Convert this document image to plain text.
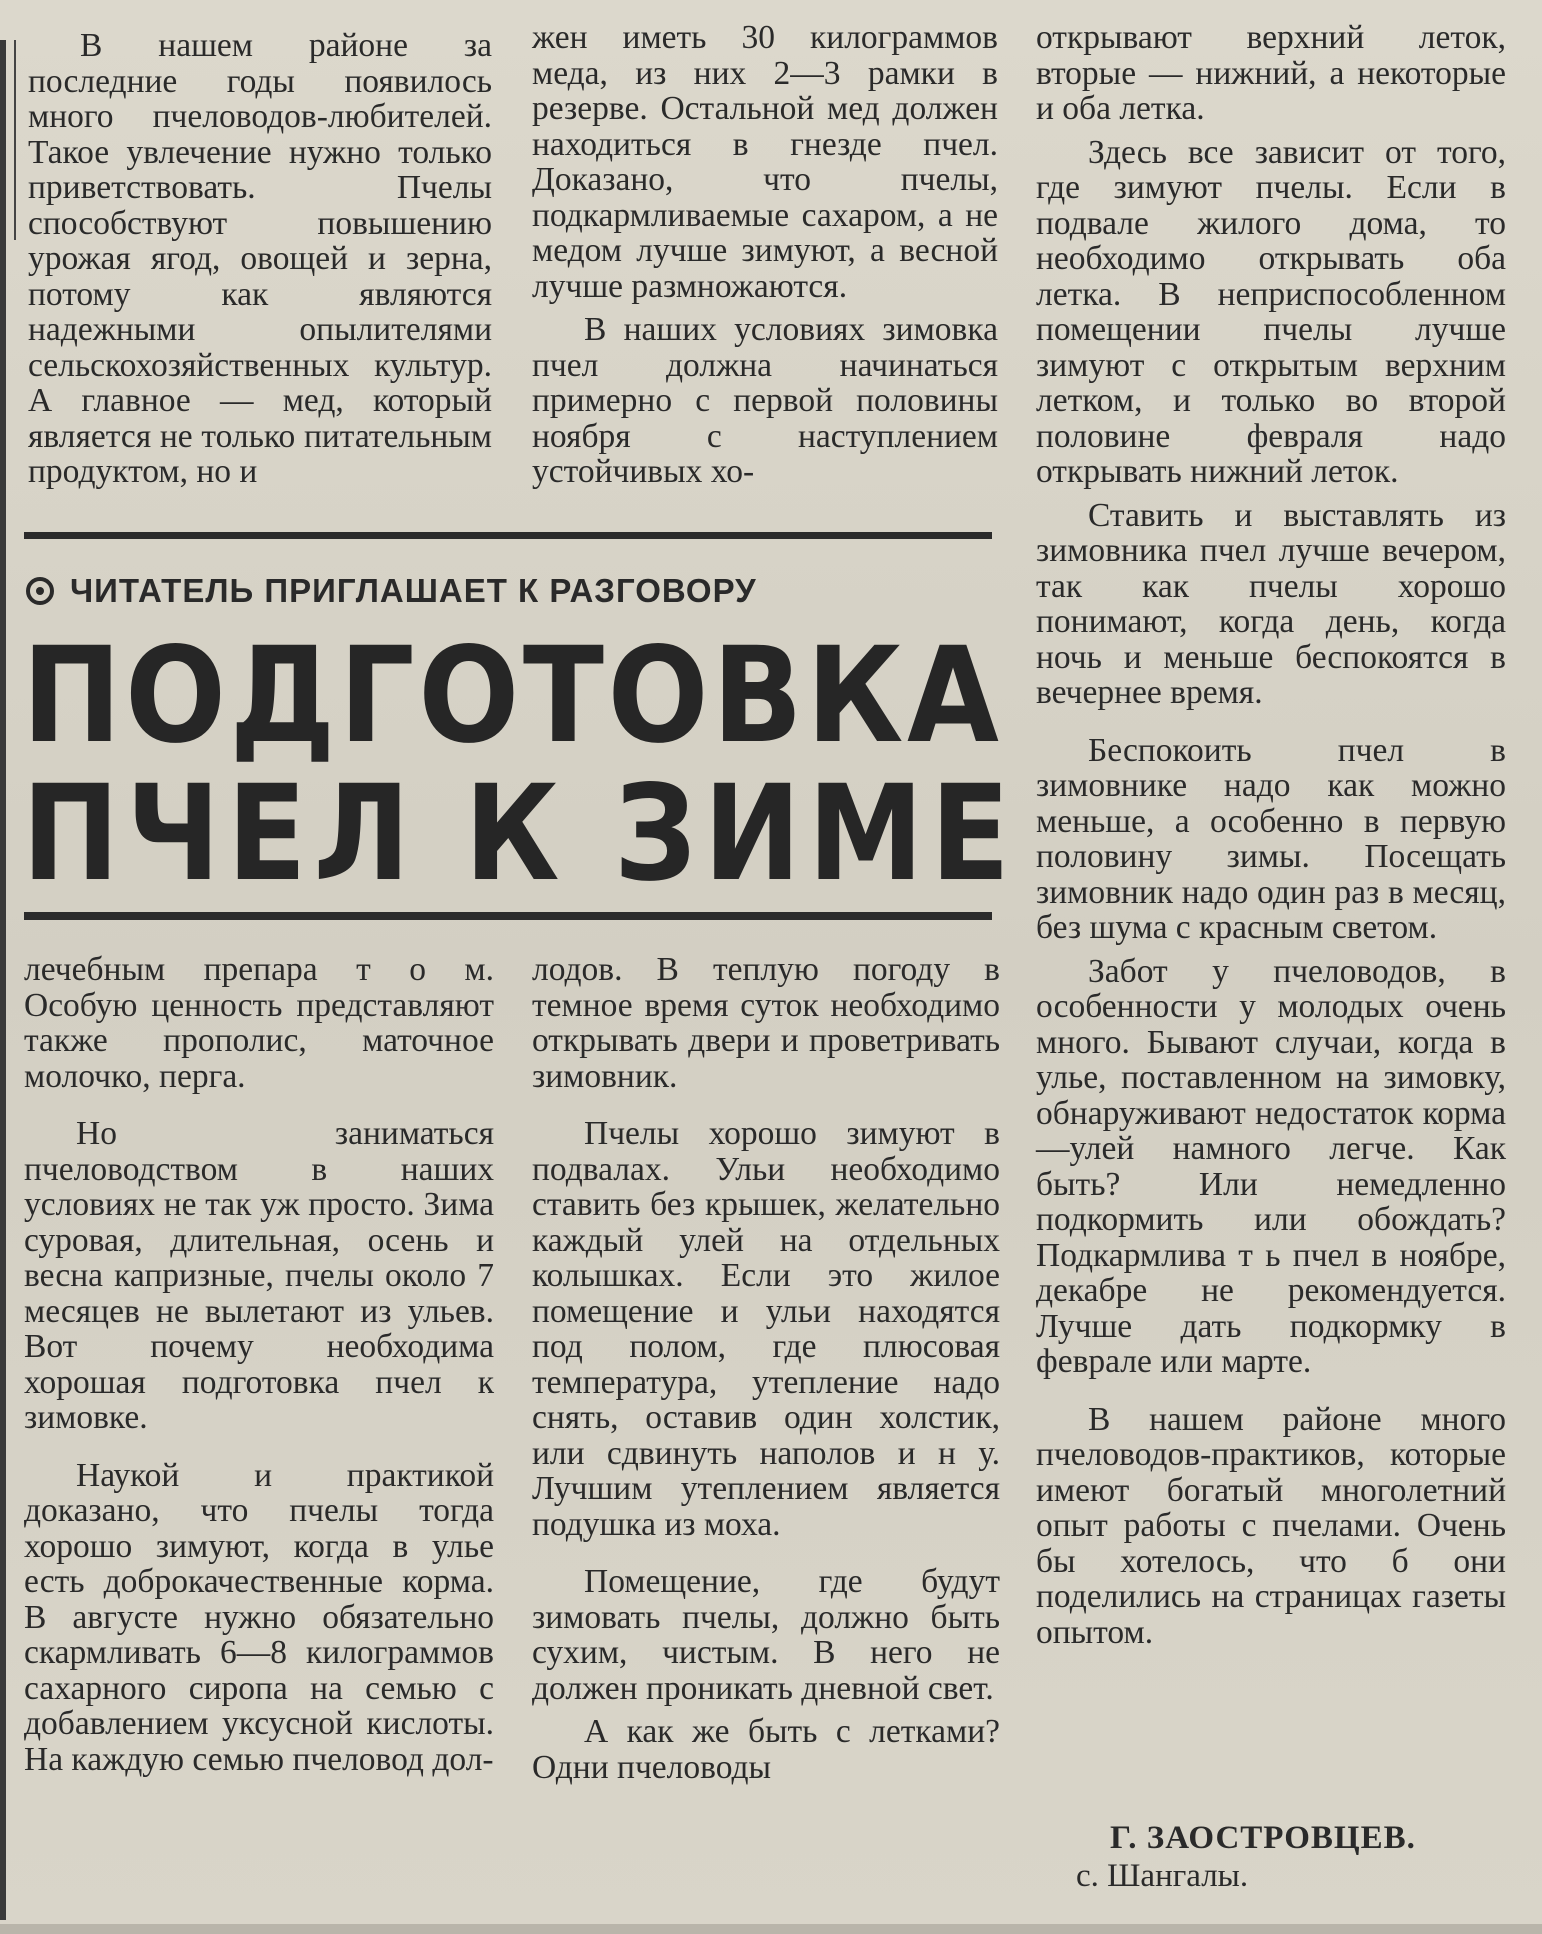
В нашем районе за последние годы появилось много пчеловодов-любителей. Такое увлечение нужно только приветствовать. Пчелы способствуют повышению урожая ягод, овощей и зерна, потому как являются надежными опылителями сельскохозяйственных культур. А главное — мед, который является не только питательным продуктом, но и

жен иметь 30 килограммов меда, из них 2—3 рамки в резерве. Остальной мед должен находиться в гнезде пчел. Доказано, что пчелы, подкармливаемые сахаром, а не медом лучше зимуют, а весной лучше размножаются.

В наших условиях зимовка пчел должна начинаться примерно с первой половины ноября с наступлением устойчивых хо-

открывают верхний леток, вторые — нижний, а некоторые и оба летка.

Здесь все зависит от того, где зимуют пчелы. Если в подвале жилого дома, то необходимо открывать оба летка. В неприспособленном помещении пчелы лучше зимуют с открытым верхним летком, и только во второй половине февраля надо открывать нижний леток.

Ставить и выставлять из зимовника пчел лучше вечером, так как пчелы хорошо понимают, когда день, когда ночь и меньше беспокоятся в вечернее время.

Беспокоить пчел в зимовнике надо как можно меньше, а особенно в первую половину зимы. Посещать зимовник надо один раз в месяц, без шума с красным светом.

Забот у пчеловодов, в особенности у молодых очень много. Бывают случаи, когда в улье, поставленном на зимовку, обнаруживают недостаток корма —улей намного легче. Как быть? Или немедленно подкормить или обождать? Подкармлива т ь пчел в ноябре, декабре не рекомендуется. Лучше дать подкормку в феврале или марте.

В нашем районе много пчеловодов-практиков, которые имеют богатый многолетний опыт работы с пчелами. Очень бы хотелось, что б они поделились на страницах газеты опытом.

ЧИТАТЕЛЬ ПРИГЛАШАЕТ К РАЗГОВОРУ
ПОДГОТОВКА
ПЧЕЛ К ЗИМЕ

лечебным препара т о м. Особую ценность представляют также прополис, маточное молочко, перга.

Но заниматься пчеловодством в наших условиях не так уж просто. Зима суровая, длительная, осень и весна капризные, пчелы около 7 месяцев не вылетают из ульев. Вот почему необходима хорошая подготовка пчел к зимовке.

Наукой и практикой доказано, что пчелы тогда хорошо зимуют, когда в улье есть доброкачественные корма. В августе нужно обязательно скармливать 6—8 килограммов сахарного сиропа на семью с добавлением уксусной кислоты. На каждую семью пчеловод дол-

лодов. В теплую погоду в темное время суток необходимо открывать двери и проветривать зимовник.

Пчелы хорошо зимуют в подвалах. Ульи необходимо ставить без крышек, желательно каждый улей на отдельных колышках. Если это жилое помещение и ульи находятся под полом, где плюсовая температура, утепление надо снять, оставив один холстик, или сдвинуть наполов и н у. Лучшим утеплением является подушка из моха.

Помещение, где будут зимовать пчелы, должно быть сухим, чистым. В него не должен проникать дневной свет.

А как же быть с летками? Одни пчеловоды

Г. ЗАОСТРОВЦЕВ.
с. Шангалы.
